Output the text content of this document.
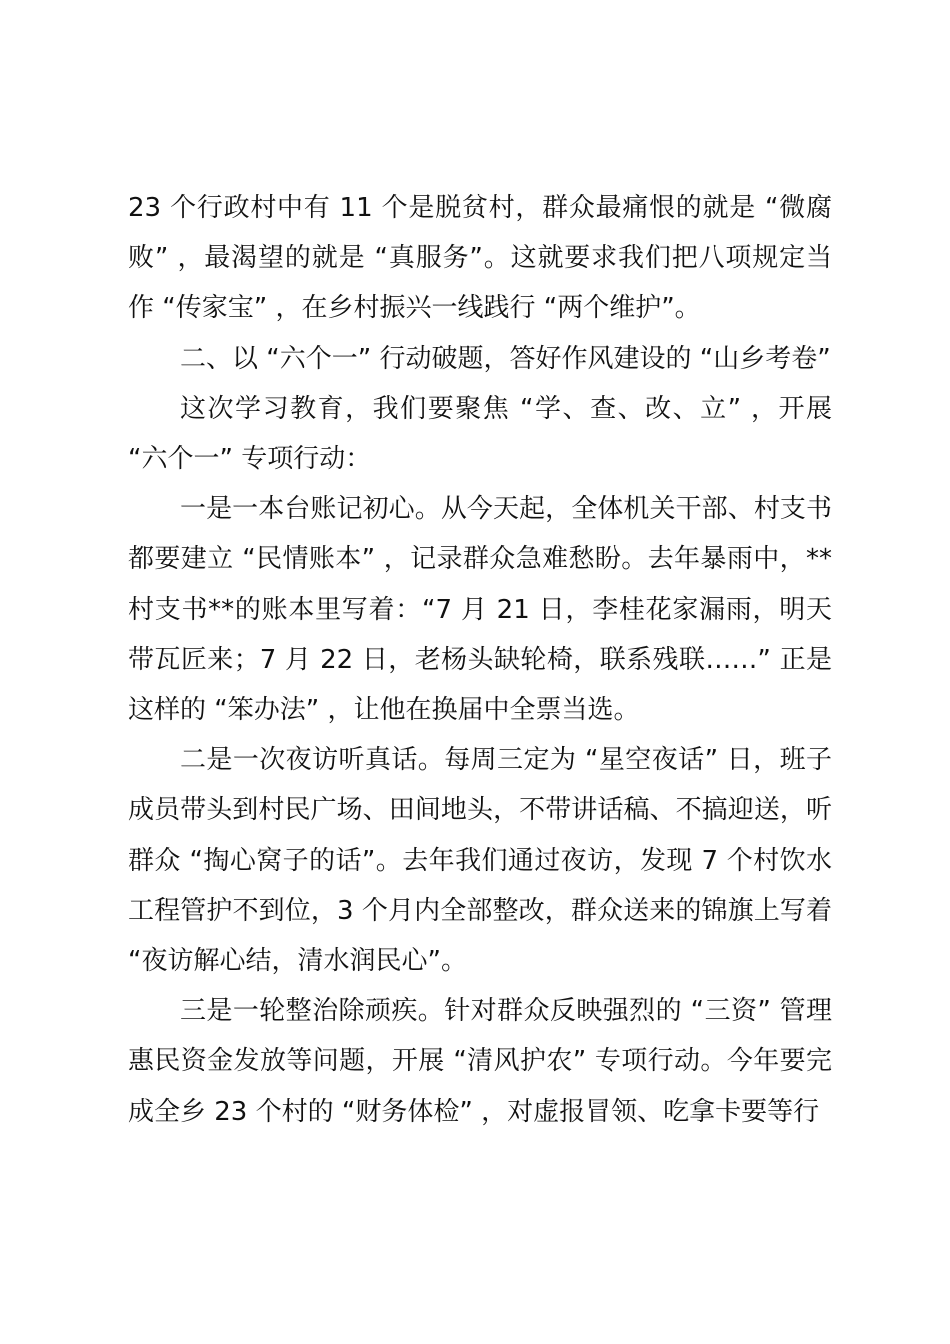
23 个行政村中有 11 个是脱贫村，群众最痛恨的就是 “微腐败” ，最渴望的就是 “真服务”。这就要求我们把八项规定当作 “传家宝” ，在乡村振兴一线践行 “两个维护”。

二、以 “六个一” 行动破题，答好作风建设的 “山乡考卷”

这次学习教育，我们要聚焦 “学、查、改、立” ，开展 “六个一” 专项行动：

一是一本台账记初心。从今天起，全体机关干部、村支书都要建立 “民情账本” ，记录群众急难愁盼。去年暴雨中，**村支书**的账本里写着：“7 月 21 日，李桂花家漏雨，明天带瓦匠来；7 月 22 日，老杨头缺轮椅，联系残联……” 正是这样的 “笨办法” ，让他在换届中全票当选。

二是一次夜访听真话。每周三定为 “星空夜话” 日，班子成员带头到村民广场、田间地头，不带讲话稿、不搞迎送，听群众 “掏心窝子的话”。去年我们通过夜访，发现 7 个村饮水工程管护不到位，3 个月内全部整改，群众送来的锦旗上写着 “夜访解心结，清水润民心”。

三是一轮整治除顽疾。针对群众反映强烈的 “三资” 管理惠民资金发放等问题，开展 “清风护农” 专项行动。今年要完成全乡 23 个村的 “财务体检” ，对虚报冒领、吃拿卡要等行
